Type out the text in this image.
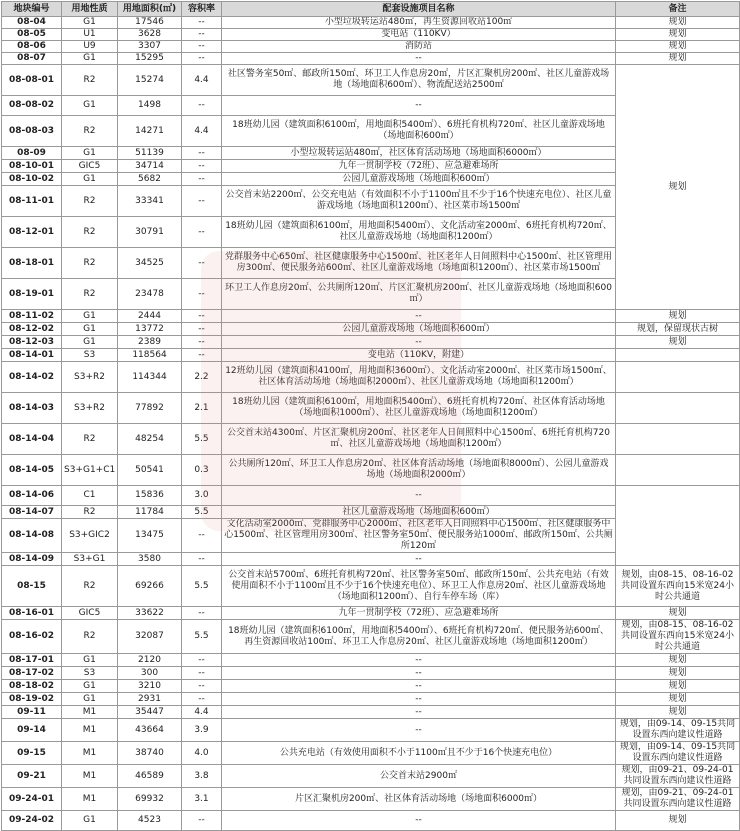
地块编号	用地性质	用地面积(㎡)	容积率	配套设施项目名称	备注
08-04	G1	17546	--	小型垃圾转运站480㎡，再生资源回收站100㎡	规划
08-05	U1	3628	--	变电站（110KV）	规划
08-06	U9	3307	--	消防站	规划
08-07	G1	15295	--	--	规划
08-08-01	R2	15274	4.4	社区警务室50㎡、邮政所150㎡、环卫工人作息房20㎡，片区汇聚机房200㎡、社区儿童游戏场地（场地面积600㎡）、物流配送站2500㎡	规划
08-08-02	G1	1498	--	--	
08-08-03	R2	14271	4.4	18班幼儿园（建筑面积6100㎡，用地面积5400㎡）、6班托育机构720㎡、社区儿童游戏场地（场地面积600㎡）	
08-09	G1	51139	--	小型垃圾转运站480㎡，社区体育活动场地（场地面积6000㎡）	
08-10-01	GIC5	34714	--	九年一贯制学校（72班）、应急避难场所	
08-10-02	G1	5682	--	公园儿童游戏场地（场地面积600㎡）	
08-11-01	R2	33341	--	公交首末站2200㎡、公交充电站（有效面积不小于1100㎡且不少于16个快速充电位）、社区儿童游戏场地（场地面积1200㎡）、社区菜市场1500㎡	
08-12-01	R2	30791	--	18班幼儿园（建筑面积6100㎡，用地面积5400㎡）、文化活动室2000㎡、6班托育机构720㎡、社区儿童游戏场地（场地面积1200㎡）	
08-18-01	R2	34525	--	党群服务中心650㎡、社区健康服务中心1500㎡、社区老年人日间照料中心1500㎡、社区管理用房300㎡、便民服务站600㎡、社区儿童游戏场地（场地面积1200㎡）、社区菜市场1500㎡	
08-19-01	R2	23478	--	环卫工人作息房20㎡、公共厕所120㎡、片区汇聚机房200㎡、社区儿童游戏场地（场地面积600㎡）	
08-11-02	G1	2444	--	--	规划
08-12-02	G1	13772	--	公园儿童游戏场地（场地面积600㎡）	规划，保留现状古树
08-12-03	G1	2389	--	--	规划
08-14-01	S3	118564	--	变电站（110KV，附建）	
08-14-02	S3+R2	114344	2.2	12班幼儿园（建筑面积4100㎡，用地面积3600㎡）、文化活动室2000㎡、社区菜市场1500㎡、社区体育活动场地（场地面积2000㎡）、社区儿童游戏场地（场地面积1200㎡）	
08-14-03	S3+R2	77892	2.1	18班幼儿园（建筑面积6100㎡，用地面积5400㎡）、6班托育机构720㎡、社区体育活动场地（场地面积1000㎡）、社区儿童游戏场地（场地面积1200㎡）	
08-14-04	R2	48254	5.5	公交首末站4300㎡、片区汇聚机房200㎡、社区老年人日间照料中心1500㎡、6班托育机构720㎡、社区儿童游戏场地（场地面积1200㎡）	
08-14-05	S3+G1+C1	50541	0.3	公共厕所120㎡、环卫工人作息房20㎡、社区体育活动场地（场地面积8000㎡）、公园儿童游戏场地（场地面积2000㎡）	
08-14-06	C1	15836	3.0	--	
08-14-07	R2	11784	5.5	社区儿童游戏场地（场地面积600㎡）	
08-14-08	S3+GIC2	13475	--	文化活动室2000㎡、党群服务中心2000㎡、社区老年人日间照料中心1500㎡、社区健康服务中心1500㎡、社区管理用房300㎡、社区警务室50㎡、便民服务站1000㎡、邮政所150㎡、公共厕所120㎡	
08-14-09	S3+G1	3580	--	--	
08-15	R2	69266	5.5	公交首末站5700㎡、6班托育机构720㎡、社区警务室50㎡、邮政所150㎡、公共充电站（有效使用面积不小于1100㎡且不少于16个快速充电位）、环卫工人作息房20㎡、社区儿童游戏场地（场地面积1200㎡）、自行车停车场（库）	规划，由08-15、08-16-02共同设置东西向15米宽24小时公共通道
08-16-01	GIC5	33622	--	九年一贯制学校（72班）、应急避难场所	规划
08-16-02	R2	32087	5.5	18班幼儿园（建筑面积6100㎡，用地面积5400㎡）、6班托育机构720㎡、便民服务站600㎡、再生资源回收站100㎡、环卫工人作息房20㎡、社区儿童游戏场地（场地面积1200㎡）	规划，由08-15、08-16-02共同设置东西向15米宽24小时公共通道
08-17-01	G1	2120	--	--	规划
08-17-02	S3	300	--	--	规划
08-18-02	G1	3210	--	--	规划
08-19-02	G1	2931	--	--	规划
09-11	M1	35447	4.4	--	规划
09-14	M1	43664	3.9	--	规划，由09-14、09-15共同设置东西向建议性道路
09-15	M1	38740	4.0	公共充电站（有效使用面积不小于1100㎡且不少于16个快速充电位）	规划，由09-14、09-15共同设置东西向建议性道路
09-21	M1	46589	3.8	公交首末站2900㎡	规划，由09-21、09-24-01共同设置东西向建议性道路
09-24-01	M1	69932	3.1	片区汇聚机房200㎡、社区体育活动场地（场地面积6000㎡）	规划，由09-21、09-24-01共同设置东西向建议性道路
09-24-02	G1	4523	--	--	规划
